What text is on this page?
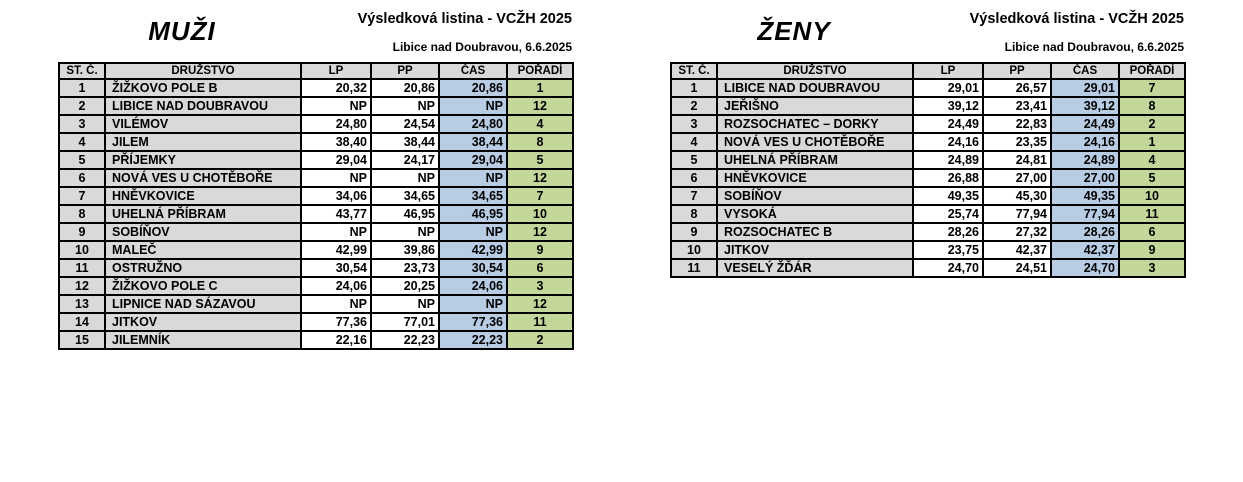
MUŽI	Výsledková listina - VCŽH 2025
Libice nad Doubravou, 6.6.2025
ST. Č.	DRUŽSTVO	LP	PP	ČAS	POŘADÍ
1	ŽIŽKOVO POLE B	20,32	20,86	20,86	1
2	LIBICE NAD DOUBRAVOU	NP	NP	NP	12
3	VILÉMOV	24,80	24,54	24,80	4
4	JILEM	38,40	38,44	38,44	8
5	PŘÍJEMKY	29,04	24,17	29,04	5
6	NOVÁ VES U CHOTĚBOŘE	NP	NP	NP	12
7	HNĚVKOVICE	34,06	34,65	34,65	7
8	UHELNÁ PŘÍBRAM	43,77	46,95	46,95	10
9	SOBÍŇOV	NP	NP	NP	12
10	MALEČ	42,99	39,86	42,99	9
11	OSTRUŽNO	30,54	23,73	30,54	6
12	ŽIŽKOVO POLE C	24,06	20,25	24,06	3
13	LIPNICE NAD SÁZAVOU	NP	NP	NP	12
14	JITKOV	77,36	77,01	77,36	11
15	JILEMNÍK	22,16	22,23	22,23	2
ŽENY	Výsledková listina - VCŽH 2025
Libice nad Doubravou, 6.6.2025
ST. Č.	DRUŽSTVO	LP	PP	ČAS	POŘADÍ
1	LIBICE NAD DOUBRAVOU	29,01	26,57	29,01	7
2	JEŘIŠNO	39,12	23,41	39,12	8
3	ROZSOCHATEC – DORKY	24,49	22,83	24,49	2
4	NOVÁ VES U CHOTĚBOŘE	24,16	23,35	24,16	1
5	UHELNÁ PŘÍBRAM	24,89	24,81	24,89	4
6	HNĚVKOVICE	26,88	27,00	27,00	5
7	SOBÍŇOV	49,35	45,30	49,35	10
8	VYSOKÁ	25,74	77,94	77,94	11
9	ROZSOCHATEC B	28,26	27,32	28,26	6
10	JITKOV	23,75	42,37	42,37	9
11	VESELÝ ŽĎÁR	24,70	24,51	24,70	3
